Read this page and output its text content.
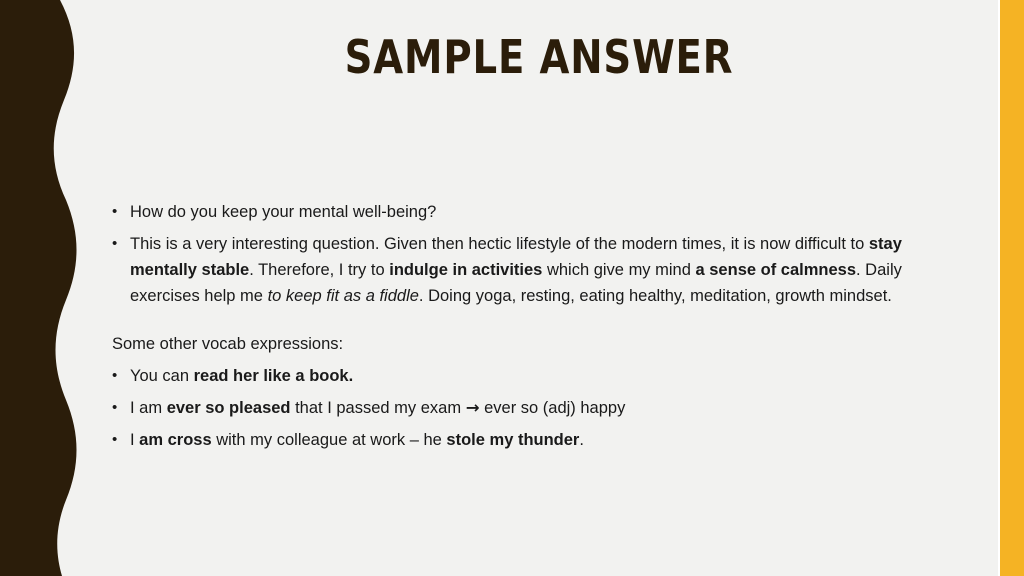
SAMPLE ANSWER
• How do you keep your mental well-being?
• This is a very interesting question. Given then hectic lifestyle of the modern times, it is now difficult to stay mentally stable. Therefore, I try to indulge in activities which give my mind a sense of calmness. Daily exercises help me to keep fit as a fiddle. Doing yoga, resting, eating healthy, meditation, growth mindset.
Some other vocab expressions:
• You can read her like a book.
• I am ever so pleased that I passed my exam → ever so (adj) happy
• I am cross with my colleague at work – he stole my thunder.
